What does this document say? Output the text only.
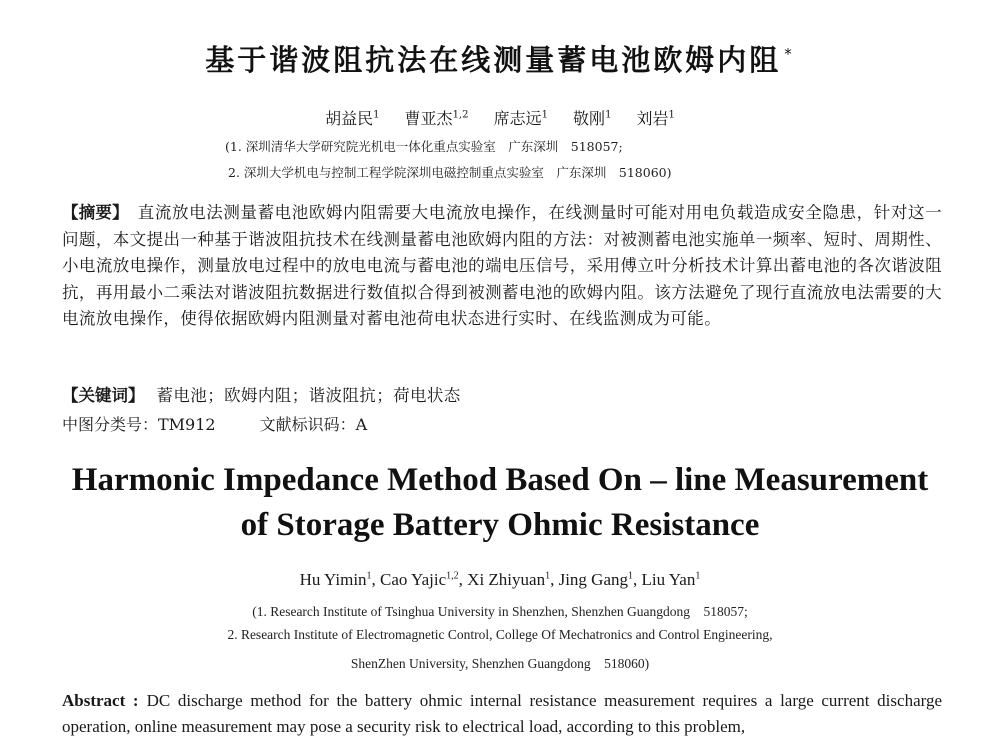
基于谐波阻抗法在线测量蓄电池欧姆内阻 *
胡益民$^1$ 曹亚杰$^{1,2}$ 席志远$^1$ 敬刚$^1$ 刘岩$^1$
(1. 深圳清华大学研究院光机电一体化重点实验室　广东深圳　518057;
2. 深圳大学机电与控制工程学院深圳电磁控制重点实验室　广东深圳　518060)
【摘要】　 直流放电法测量蓄电池欧姆内阻需要大电流放电操作，在线测量时可能对用电负载造成安全隐患，针对这一问题，本文提出一种基于谐波阻抗技术在线测量蓄电池欧姆内阻的方法：对被测蓄电池实施单一频率、短时、周期性、小电流放电操作，测量放电过程中的放电电流与蓄电池的端电压信号，采用傅立叶分析技术计算出蓄电池的各次谐波阻抗，再用最小二乘法对谐波阻抗数据进行数值拟合得到被测蓄电池的欧姆内阻。该方法避免了现行直流放电法需要的大电流放电操作，使得依据欧姆内阻测量对蓄电池荷电状态进行实时、在线监测成为可能。
【关键词】 蓄电池；欧姆内阻；谐波阻抗；荷电状态
中图分类号：TM912	文献标识码：A
Harmonic Impedance Method Based On – line Measurement
of Storage Battery Ohmic Resistance
Hu Yimin$^1$, Cao Yajic$^{1,2}$, Xi Zhiyuan$^1$, Jing Gang$^1$, Liu Yan$^1$
(1. Research Institute of Tsinghua University in Shenzhen, Shenzhen Guangdong　518057;
2. Research Institute of Electromagnetic Control, College Of Mechatronics and Control Engineering,
ShenZhen University, Shenzhen Guangdong　518060)
Abstract : DC discharge method for the battery ohmic internal resistance measurement requires a large current discharge operation, online measurement may pose a security risk to electrical load, according to this problem,
